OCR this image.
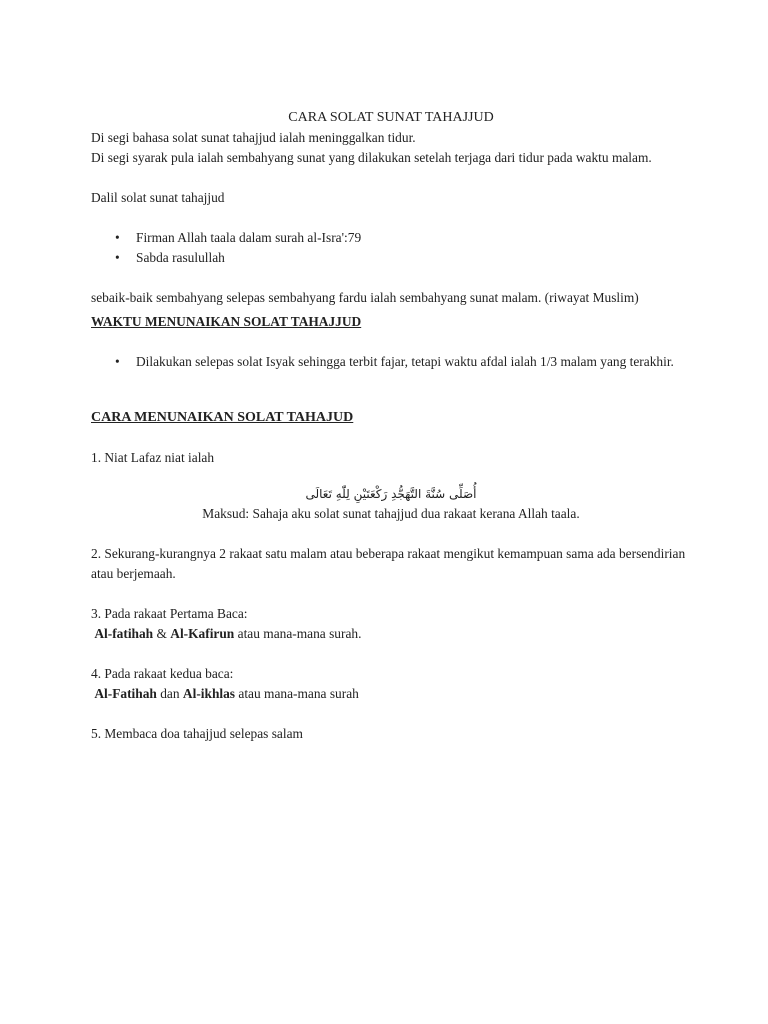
CARA SOLAT SUNAT TAHAJJUD

Di segi bahasa solat sunat tahajjud ialah meninggalkan tidur.

Di segi syarak pula ialah sembahyang sunat yang dilakukan setelah terjaga dari tidur pada waktu malam.

Dalil solat sunat tahajjud

• Firman Allah taala dalam surah al-Isra':79
• Sabda rasulullah

sebaik-baik sembahyang selepas sembahyang fardu ialah sembahyang sunat malam. (riwayat Muslim)

WAKTU MENUNAIKAN SOLAT TAHAJJUD

• Dilakukan selepas solat Isyak sehingga terbit fajar, tetapi waktu afdal ialah 1/3 malam yang terakhir.

CARA MENUNAIKAN SOLAT TAHAJUD

1. Niat Lafaz niat ialah

أُصَلِّى سُنَّةَ التَّهَجُّدِ رَكْعَتَيْنِ لِلّٰهِ تَعَالَى

Maksud: Sahaja aku solat sunat tahajjud dua rakaat kerana Allah taala.

2. Sekurang-kurangnya 2 rakaat satu malam atau beberapa rakaat mengikut kemampuan sama ada bersendirian atau berjemaah.

3. Pada rakaat Pertama Baca:

Al-fatihah & Al-Kafirun atau mana-mana surah.

4. Pada rakaat kedua baca:

Al-Fatihah dan Al-ikhlas atau mana-mana surah

5. Membaca doa tahajjud selepas salam
